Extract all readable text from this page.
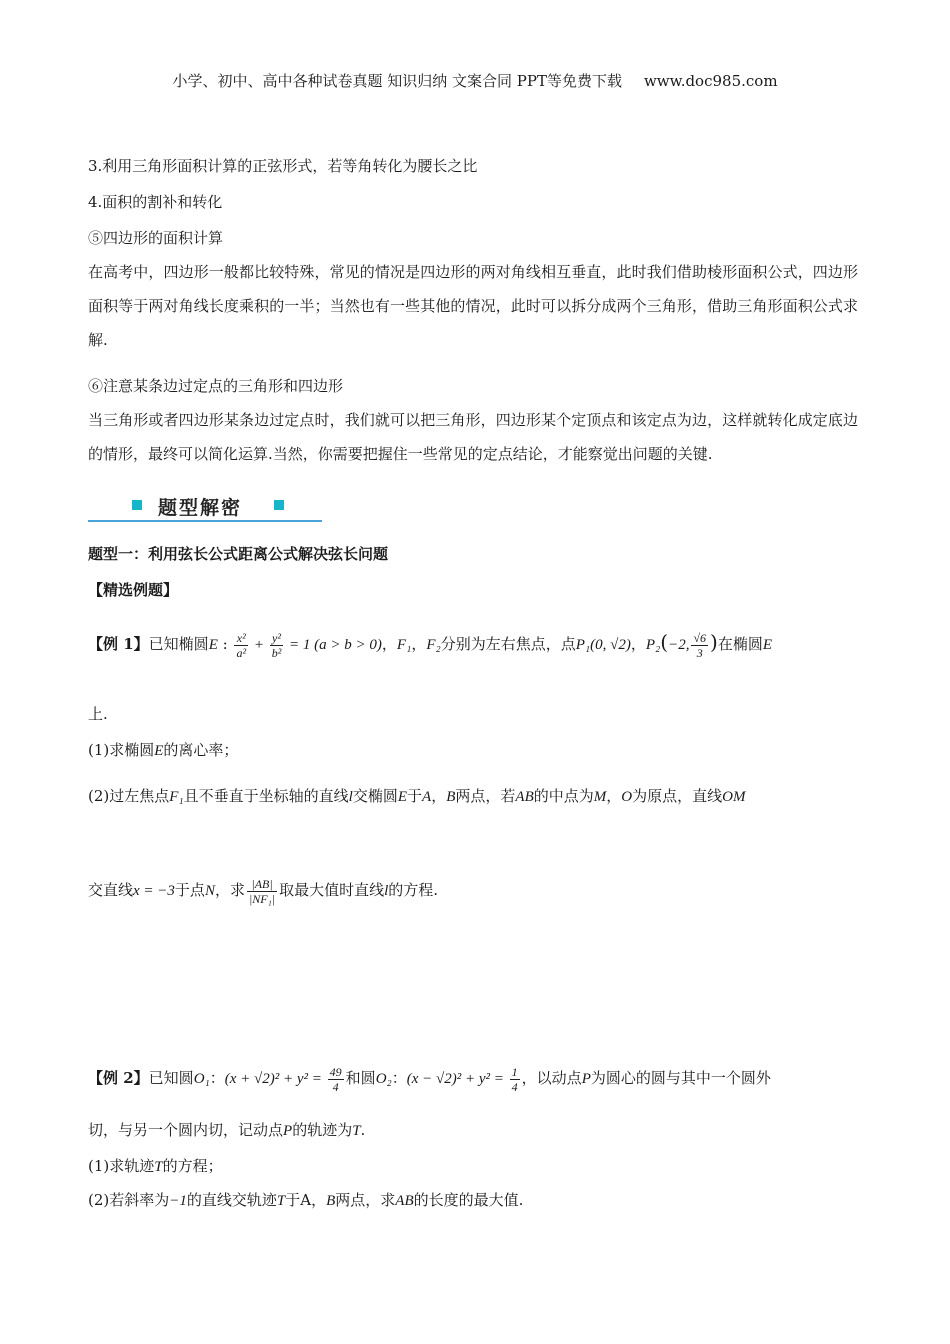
小学、初中、高中各种试卷真题 知识归纳 文案合同 PPT等免费下载 www.doc985.com
3.利用三角形面积计算的正弦形式，若等角转化为腰长之比
4.面积的割补和转化
⑤四边形的面积计算
在高考中，四边形一般都比较特殊，常见的情况是四边形的两对角线相互垂直，此时我们借助棱形面积公式，四边形面积等于两对角线长度乘积的一半；当然也有一些其他的情况，此时可以拆分成两个三角形，借助三角形面积公式求解.
⑥注意某条边过定点的三角形和四边形
当三角形或者四边形某条边过定点时，我们就可以把三角形，四边形某个定顶点和该定点为边，这样就转化成定底边的情形，最终可以简化运算.当然，你需要把握住一些常见的定点结论，才能察觉出问题的关键.
题型解密
题型一：利用弦长公式距离公式解决弦长问题
【精选例题】
【例 1】已知椭圆E : $\frac{\text{x²}}{\text{a²}} + \frac{\text{y²}}{\text{b²}} = 1$ (a > b > 0)，F₁，F₂分别为左右焦点，点P₁(0, √2)，P₂(−2, $\frac{√6}{3}$ )在椭圆E
上.
(1)求椭圆E的离心率；
(2)过左焦点F₁且不垂直于坐标轴的直线l交椭圆E于A，B两点，若AB的中点为M，O为原点，直线OM
交直线x = −3于点N，求 $\frac{|AB|}{\text{|NF₁|}}$ 取最大值时直线l的方程.
【例 2】已知圆O₁：$(x + √2)^2 + y^2 = \frac{49}{4}$ 和圆O₂：$(x - √2)^2 + y^2 = \frac{1}{4}$ ，以动点P为圆心的圆与其中一个圆外
切，与另一个圆内切，记动点P的轨迹为T.
(1)求轨迹T的方程；
(2)若斜率为−1的直线交轨迹T于A，B两点，求AB的长度的最大值.
